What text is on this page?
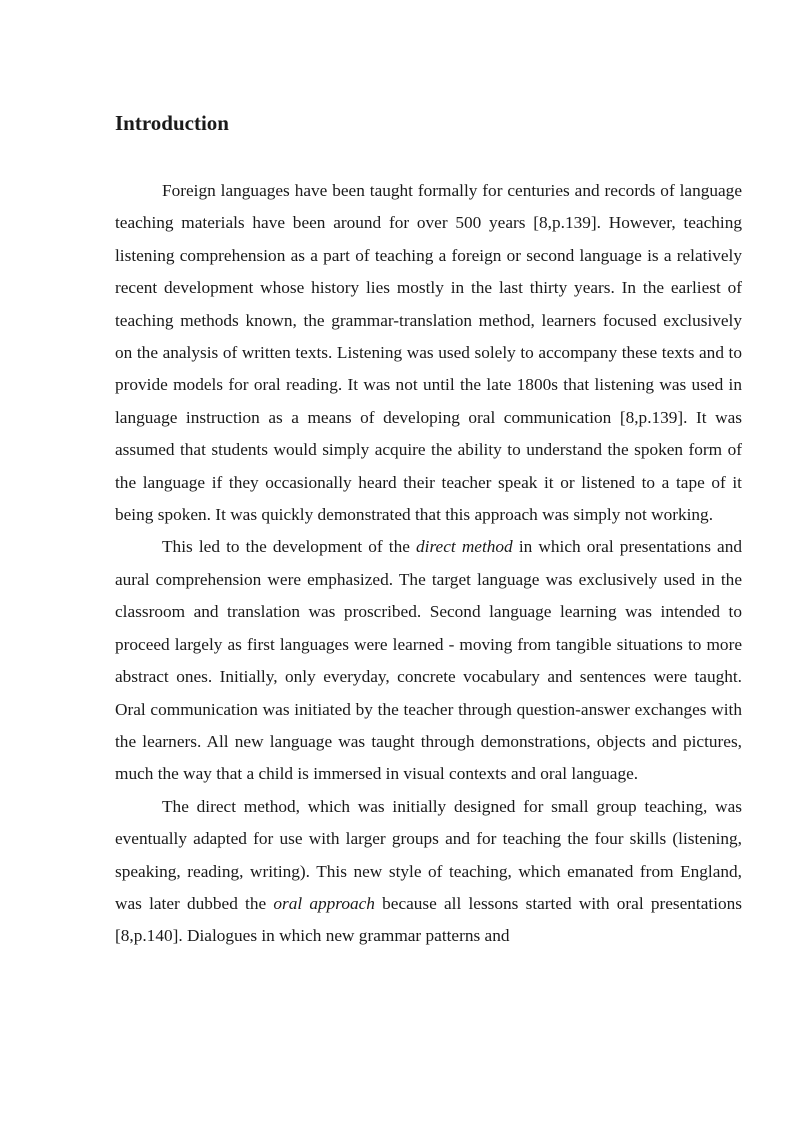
Introduction

Foreign languages have been taught formally for centuries and records of language teaching materials have been around for over 500 years [8,p.139]. However, teaching listening comprehension as a part of teaching a foreign or second language is a relatively recent development whose history lies mostly in the last thirty years. In the earliest of teaching methods known, the grammar-translation method, learners focused exclusively on the analysis of written texts. Listening was used solely to accompany these texts and to provide models for oral reading. It was not until the late 1800s that listening was used in language instruction as a means of developing oral communication [8,p.139]. It was assumed that students would simply acquire the ability to understand the spoken form of the language if they occasionally heard their teacher speak it or listened to a tape of it being spoken. It was quickly demonstrated that this approach was simply not working.

This led to the development of the direct method in which oral presentations and aural comprehension were emphasized. The target language was exclusively used in the classroom and translation was proscribed. Second language learning was intended to proceed largely as first languages were learned - moving from tangible situations to more abstract ones. Initially, only everyday, concrete vocabulary and sentences were taught. Oral communication was initiated by the teacher through question-answer exchanges with the learners. All new language was taught through demonstrations, objects and pictures, much the way that a child is immersed in visual contexts and oral language.

The direct method, which was initially designed for small group teaching, was eventually adapted for use with larger groups and for teaching the four skills (listening, speaking, reading, writing). This new style of teaching, which emanated from England, was later dubbed the oral approach because all lessons started with oral presentations [8,p.140]. Dialogues in which new grammar patterns and
